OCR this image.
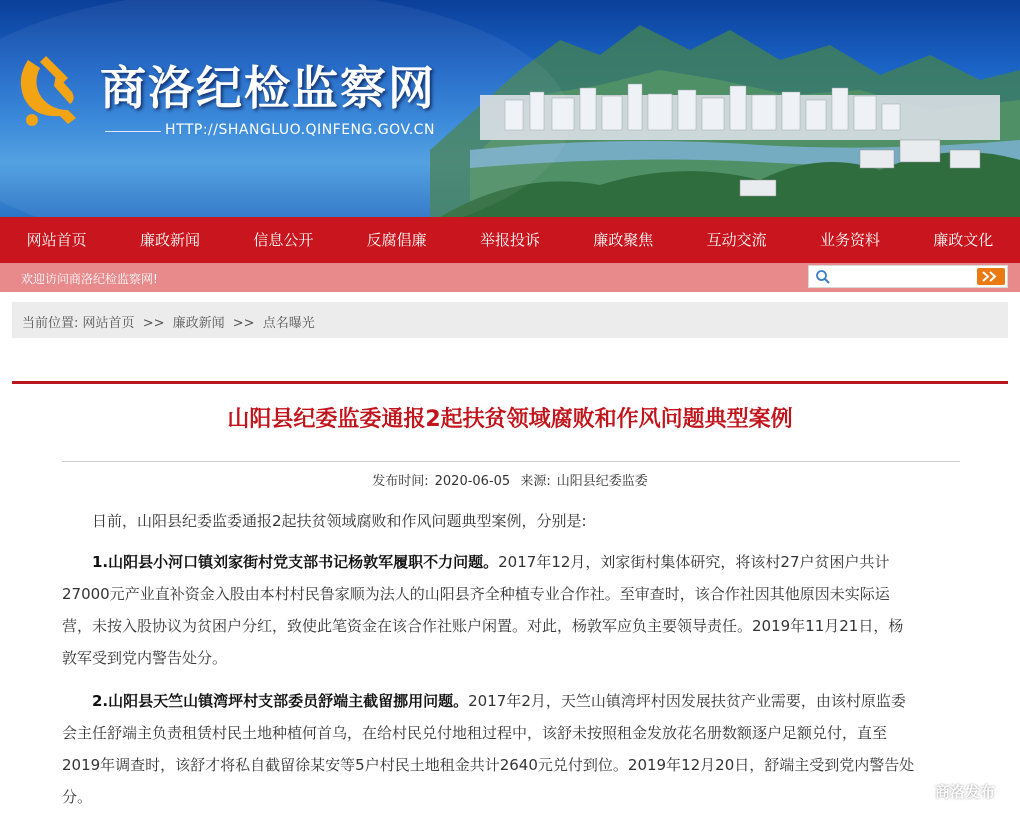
商洛纪检监察网
HTTP://SHANGLUO.QINFENG.GOV.CN
网站首页	廉政新闻	信息公开	反腐倡廉	举报投诉	廉政聚焦	互动交流	业务资料	廉政文化
欢迎访问商洛纪检监察网!
当前位置: 网站首页 >> 廉政新闻 >> 点名曝光
山阳县纪委监委通报2起扶贫领域腐败和作风问题典型案例
发布时间: 2020-06-05 来源: 山阳县纪委监委
日前，山阳县纪委监委通报2起扶贫领域腐败和作风问题典型案例，分别是:
1.山阳县小河口镇刘家街村党支部书记杨敦军履职不力问题。2017年12月，刘家街村集体研究，将该村27户贫困户共计
27000元产业直补资金入股由本村村民鲁家顺为法人的山阳县齐全种植专业合作社。至审查时，该合作社因其他原因未实际运
营，未按入股协议为贫困户分红，致使此笔资金在该合作社账户闲置。对此，杨敦军应负主要领导责任。2019年11月21日，杨
敦军受到党内警告处分。
2.山阳县天竺山镇湾坪村支部委员舒端主截留挪用问题。2017年2月，天竺山镇湾坪村因发展扶贫产业需要，由该村原监委
会主任舒端主负责租赁村民土地种植何首乌，在给村民兑付地租过程中，该舒未按照租金发放花名册数额逐户足额兑付，直至
2019年调查时，该舒才将私自截留徐某安等5户村民土地租金共计2640元兑付到位。2019年12月20日，舒端主受到党内警告处
分。	商洛发布
